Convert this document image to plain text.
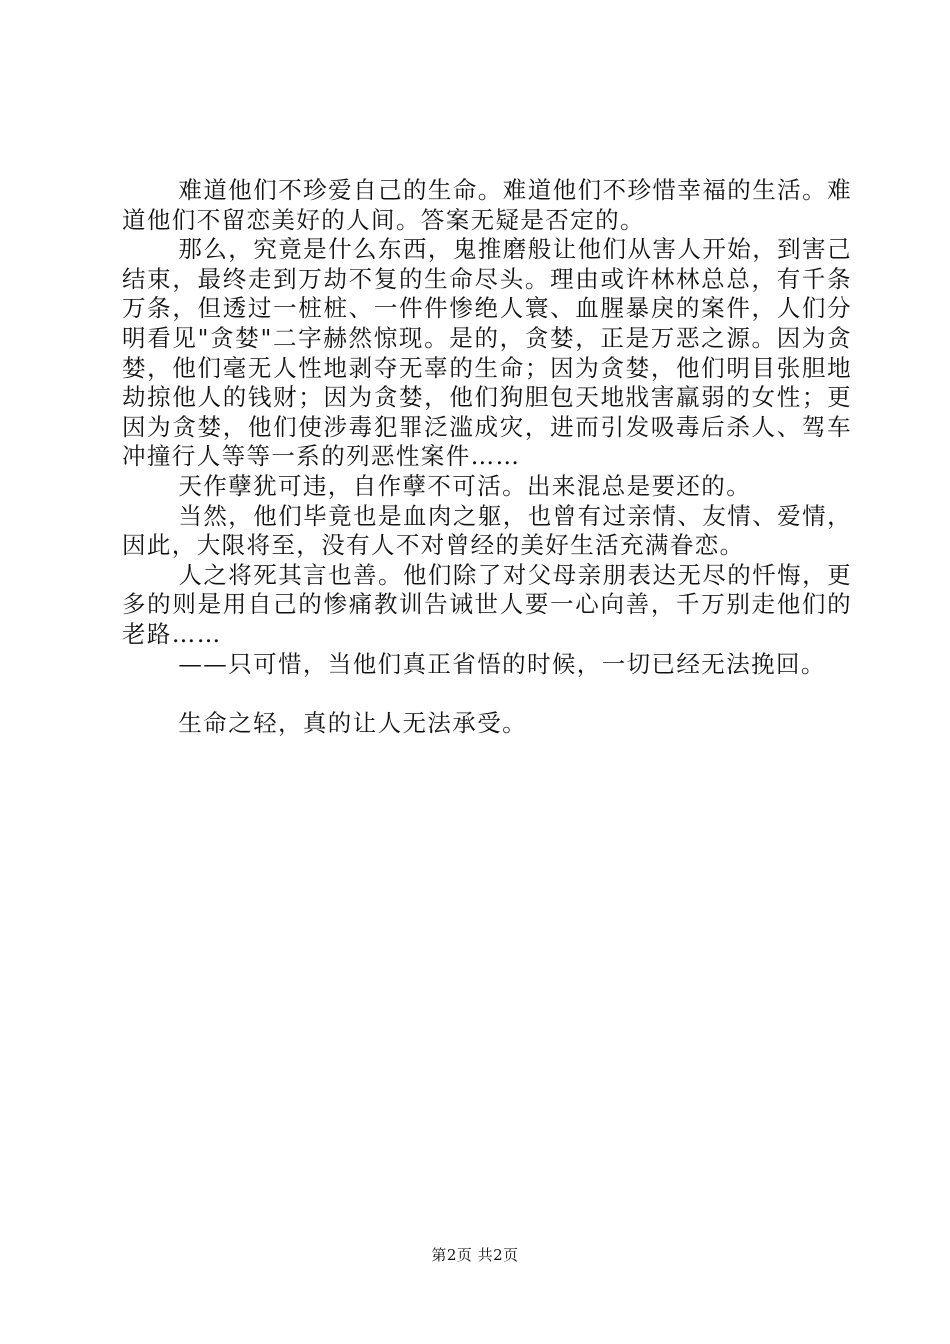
难道他们不珍爱自己的生命。难道他们不珍惜幸福的生活。难道他们不留恋美好的人间。答案无疑是否定的。

那么，究竟是什么东西，鬼推磨般让他们从害人开始，到害己结束，最终走到万劫不复的生命尽头。理由或许林林总总，有千条万条，但透过一桩桩、一件件惨绝人寰、血腥暴戾的案件，人们分明看见"贪婪"二字赫然惊现。是的，贪婪，正是万恶之源。因为贪婪，他们毫无人性地剥夺无辜的生命；因为贪婪，他们明目张胆地劫掠他人的钱财；因为贪婪，他们狗胆包天地戕害羸弱的女性；更因为贪婪，他们使涉毒犯罪泛滥成灾，进而引发吸毒后杀人、驾车冲撞行人等等一系的列恶性案件……

天作孽犹可违，自作孽不可活。出来混总是要还的。

当然，他们毕竟也是血肉之躯，也曾有过亲情、友情、爱情，因此，大限将至，没有人不对曾经的美好生活充满眷恋。

人之将死其言也善。他们除了对父母亲朋表达无尽的忏悔，更多的则是用自己的惨痛教训告诫世人要一心向善，千万别走他们的老路……

——只可惜，当他们真正省悟的时候，一切已经无法挽回。

生命之轻，真的让人无法承受。

第2页 共2页
